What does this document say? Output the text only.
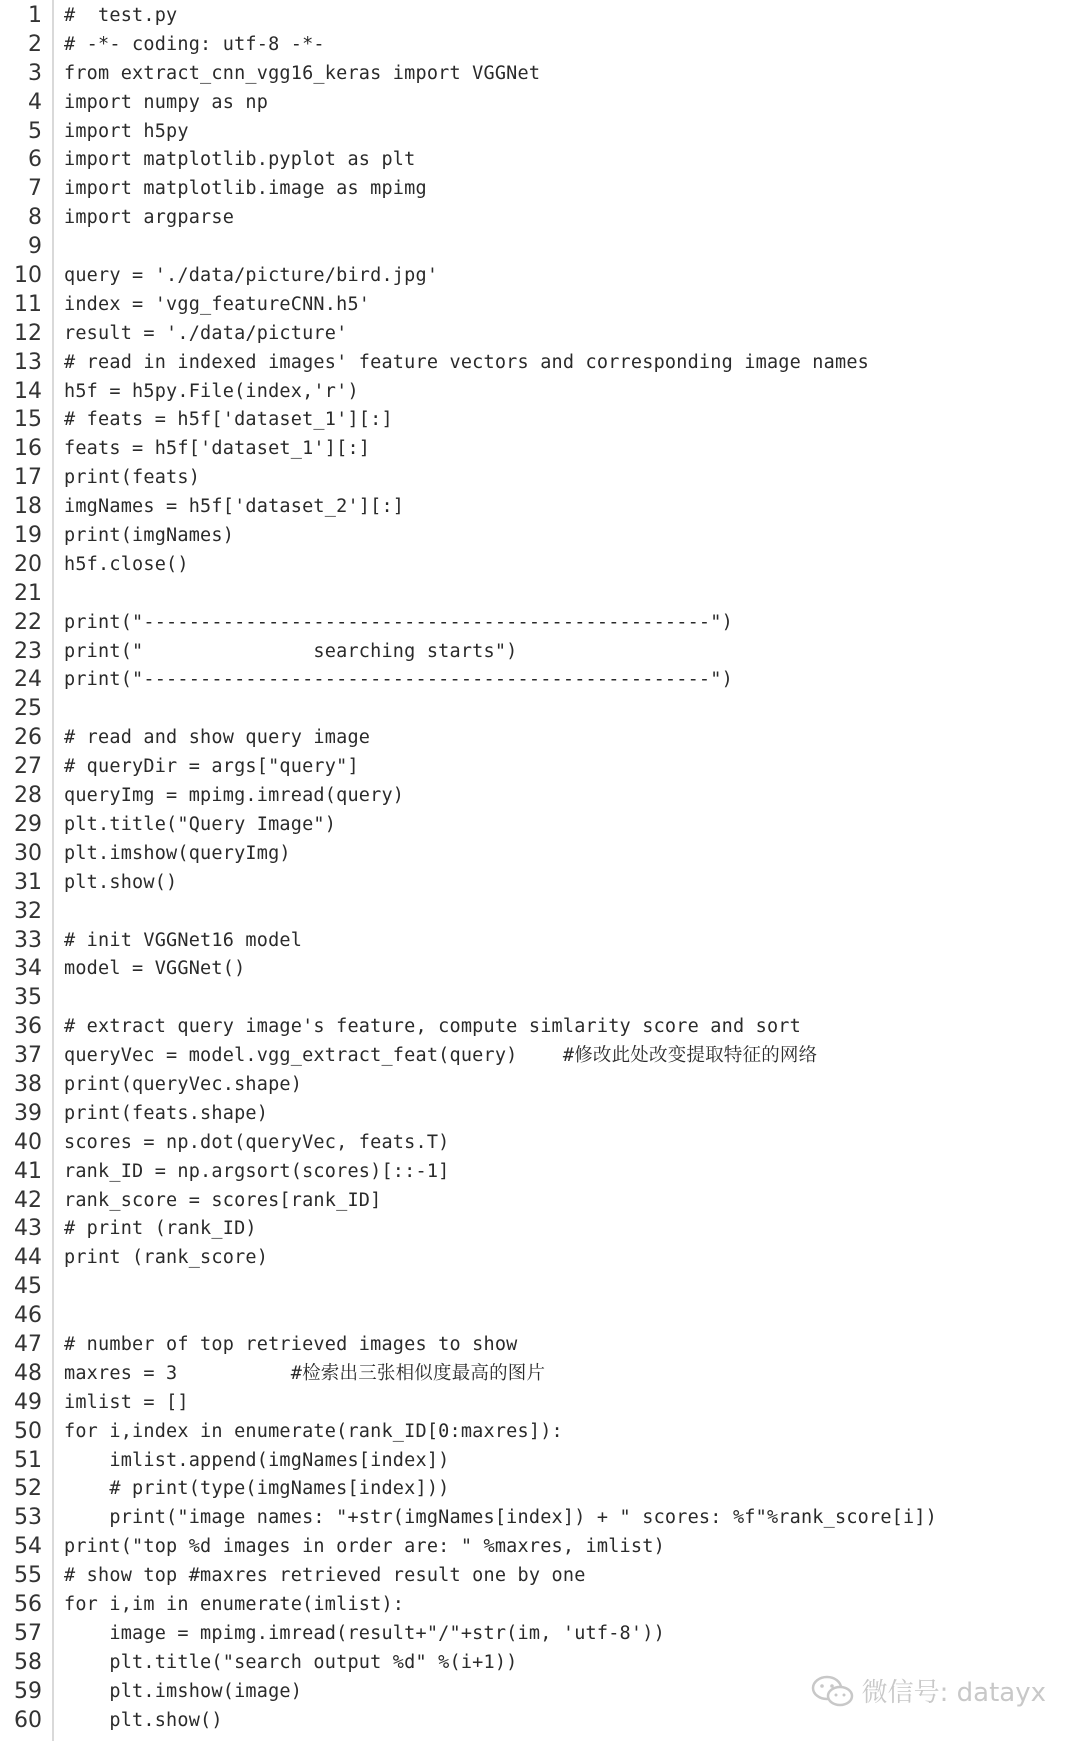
1 #  test.py
2 # -*- coding: utf-8 -*-
3 from extract_cnn_vgg16_keras import VGGNet
4 import numpy as np
5 import h5py
6 import matplotlib.pyplot as plt
7 import matplotlib.image as mpimg
8 import argparse
9
10 query = './data/picture/bird.jpg'
11 index = 'vgg_featureCNN.h5'
12 result = './data/picture'
13 # read in indexed images' feature vectors and corresponding image names
14 h5f = h5py.File(index,'r')
15 # feats = h5f['dataset_1'][:]
16 feats = h5f['dataset_1'][:]
17 print(feats)
18 imgNames = h5f['dataset_2'][:]
19 print(imgNames)
20 h5f.close()
21
22 print("--------------------------------------------------")
23 print("               searching starts")
24 print("--------------------------------------------------")
25
26 # read and show query image
27 # queryDir = args["query"]
28 queryImg = mpimg.imread(query)
29 plt.title("Query Image")
30 plt.imshow(queryImg)
31 plt.show()
32
33 # init VGGNet16 model
34 model = VGGNet()
35
36 # extract query image's feature, compute simlarity score and sort
37 queryVec = model.vgg_extract_feat(query)    #修改此处改变提取特征的网络
38 print(queryVec.shape)
39 print(feats.shape)
40 scores = np.dot(queryVec, feats.T)
41 rank_ID = np.argsort(scores)[::-1]
42 rank_score = scores[rank_ID]
43 # print (rank_ID)
44 print (rank_score)
45
46
47 # number of top retrieved images to show
48 maxres = 3          #检索出三张相似度最高的图片
49 imlist = []
50 for i,index in enumerate(rank_ID[0:maxres]):
51 imlist.append(imgNames[index])
52 # print(type(imgNames[index]))
53 print("image names: "+str(imgNames[index]) + " scores: %f"%rank_score[i])
54 print("top %d images in order are: " %maxres, imlist)
55 # show top #maxres retrieved result one by one
56 for i,im in enumerate(imlist):
57 image = mpimg.imread(result+"/"+str(im, 'utf-8'))
58 plt.title("search output %d" %(i+1))
59 plt.imshow(image)
60 plt.show()
微信号: datayx
